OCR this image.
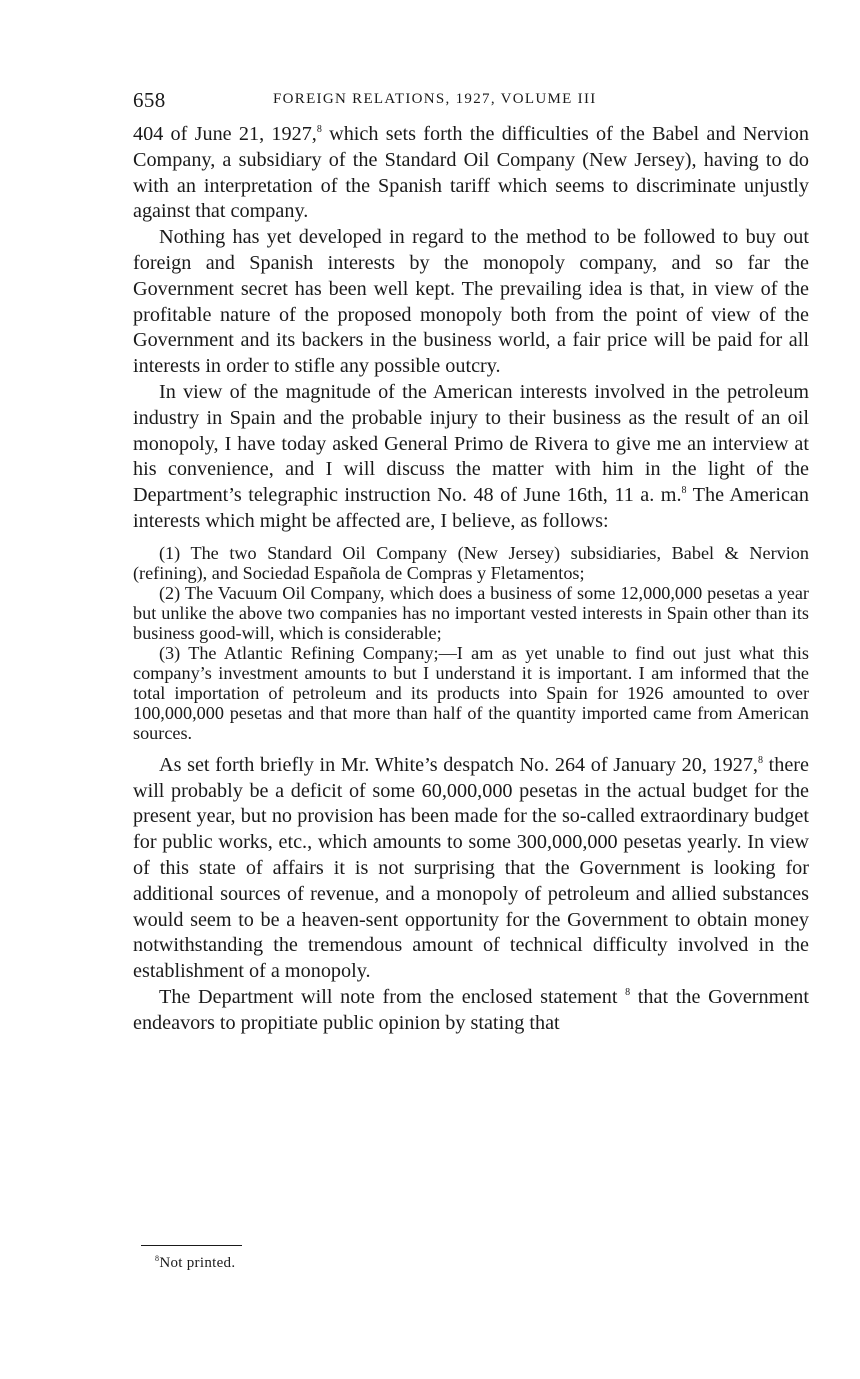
658	FOREIGN RELATIONS, 1927, VOLUME III

404 of June 21, 1927,$^8$ which sets forth the difficulties of the Babel and Nervion Company, a subsidiary of the Standard Oil Company (New Jersey), having to do with an interpretation of the Spanish tariff which seems to discriminate unjustly against that company.

Nothing has yet developed in regard to the method to be followed to buy out foreign and Spanish interests by the monopoly company, and so far the Government secret has been well kept. The prevailing idea is that, in view of the profitable nature of the proposed monopoly both from the point of view of the Government and its backers in the business world, a fair price will be paid for all interests in order to stifle any possible outcry.

In view of the magnitude of the American interests involved in the petroleum industry in Spain and the probable injury to their business as the result of an oil monopoly, I have today asked General Primo de Rivera to give me an interview at his convenience, and I will discuss the matter with him in the light of the Department’s telegraphic instruction No. 48 of June 16th, 11 a. m.$^8$ The American interests which might be affected are, I believe, as follows:

(1) The two Standard Oil Company (New Jersey) subsidiaries, Babel & Nervion (refining), and Sociedad Española de Compras y Fletamentos;

(2) The Vacuum Oil Company, which does a business of some 12,000,000 pesetas a year but unlike the above two companies has no important vested interests in Spain other than its business good-will, which is considerable;

(3) The Atlantic Refining Company;—I am as yet unable to find out just what this company’s investment amounts to but I understand it is important. I am informed that the total importation of petroleum and its products into Spain for 1926 amounted to over 100,000,000 pesetas and that more than half of the quantity imported came from American sources.

As set forth briefly in Mr. White’s despatch No. 264 of January 20, 1927,$^8$ there will probably be a deficit of some 60,000,000 pesetas in the actual budget for the present year, but no provision has been made for the so-called extraordinary budget for public works, etc., which amounts to some 300,000,000 pesetas yearly. In view of this state of affairs it is not surprising that the Government is looking for additional sources of revenue, and a monopoly of petroleum and allied substances would seem to be a heaven-sent opportunity for the Government to obtain money notwithstanding the tremendous amount of technical difficulty involved in the establishment of a monopoly.

The Department will note from the enclosed statement $^8$ that the Government endeavors to propitiate public opinion by stating that

$^8$Not printed.
